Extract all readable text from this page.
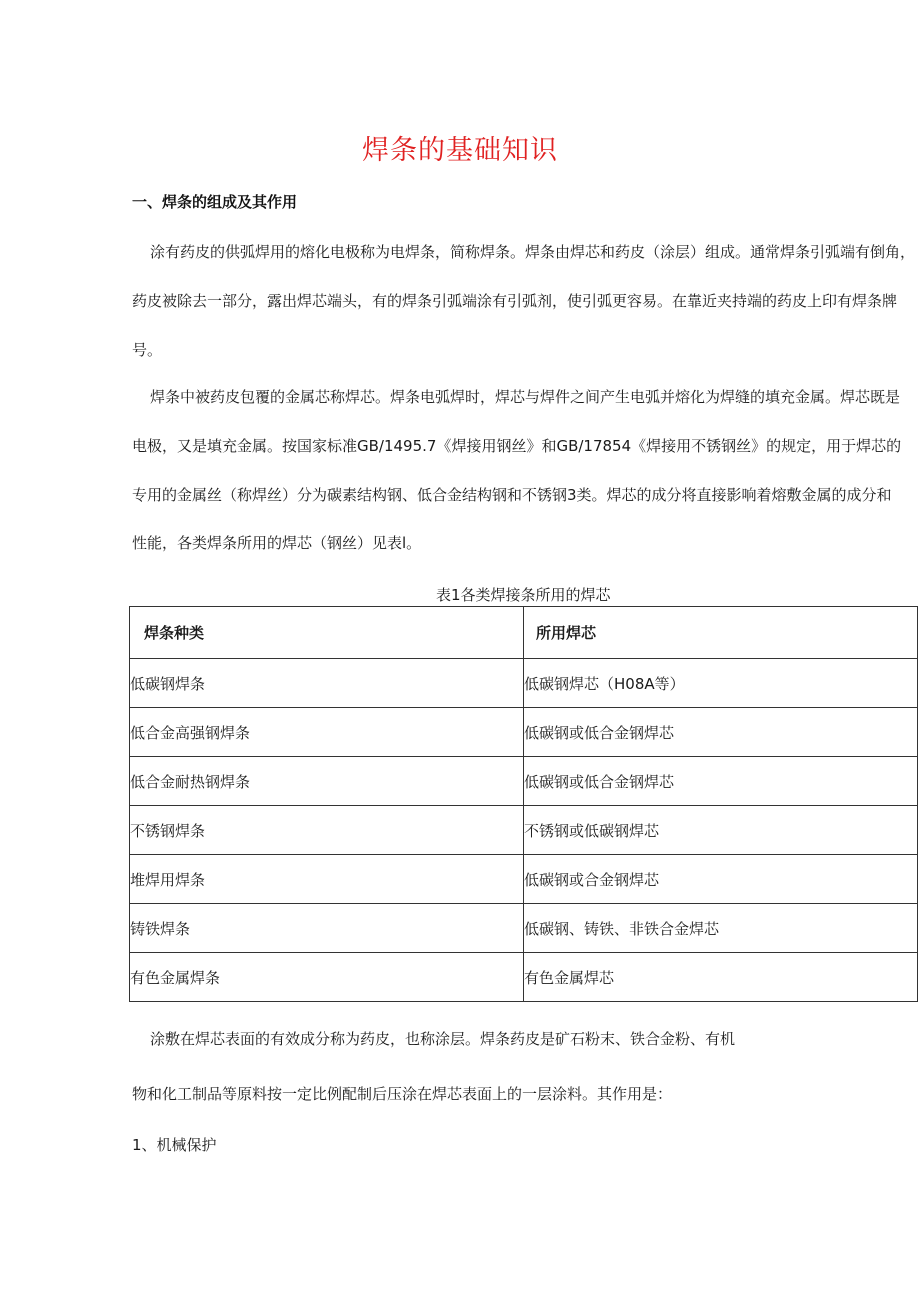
焊条的基础知识
一、焊条的组成及其作用
涂有药皮的供弧焊用的熔化电极称为电焊条，简称焊条。焊条由焊芯和药皮（涂层）组成。通常焊条引弧端有倒角，
药皮被除去一部分，露出焊芯端头，有的焊条引弧端涂有引弧剂，使引弧更容易。在靠近夹持端的药皮上印有焊条牌
号。
焊条中被药皮包覆的金属芯称焊芯。焊条电弧焊时，焊芯与焊件之间产生电弧并熔化为焊缝的填充金属。焊芯既是
电极，又是填充金属。按国家标准GB/1495.7《焊接用钢丝》和GB/17854《焊接用不锈钢丝》的规定，用于焊芯的
专用的金属丝（称焊丝）分为碳素结构钢、低合金结构钢和不锈钢3类。焊芯的成分将直接影响着熔敷金属的成分和
性能，各类焊条所用的焊芯（钢丝）见表l。
表1各类焊接条所用的焊芯
焊条种类	所用焊芯
低碳钢焊条	低碳钢焊芯（H08A等）
低合金高强钢焊条	低碳钢或低合金钢焊芯
低合金耐热钢焊条	低碳钢或低合金钢焊芯
不锈钢焊条	不锈钢或低碳钢焊芯
堆焊用焊条	低碳钢或合金钢焊芯
铸铁焊条	低碳钢、铸铁、非铁合金焊芯
有色金属焊条	有色金属焊芯
涂敷在焊芯表面的有效成分称为药皮，也称涂层。焊条药皮是矿石粉末、铁合金粉、有机
物和化工制品等原料按一定比例配制后压涂在焊芯表面上的一层涂料。其作用是：
1、机械保护
